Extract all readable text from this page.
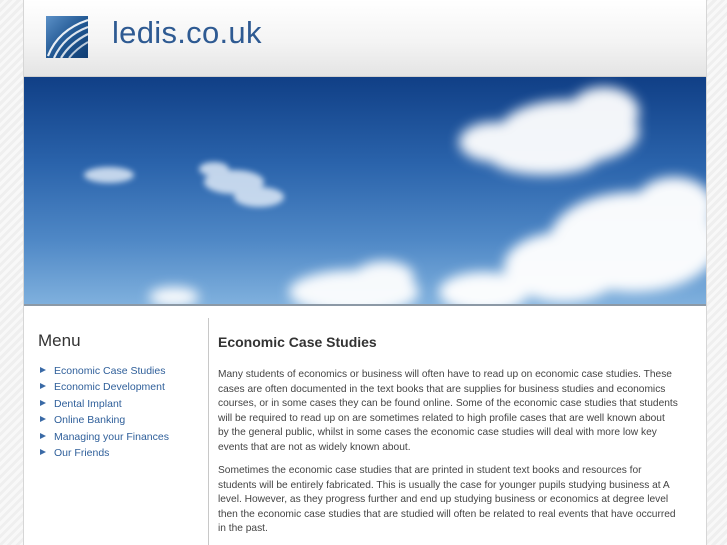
ledis.co.uk
Menu
Economic Case Studies
Economic Development
Dental Implant
Online Banking
Managing your Finances
Our Friends
Economic Case Studies

Many students of economics or business will often have to read up on economic case studies. These cases are often documented in the text books that are supplies for business studies and economics courses, or in some cases they can be found online. Some of the economic case studies that students will be required to read up on are sometimes related to high profile cases that are well known about by the general public, whilst in some cases the economic case studies will deal with more low key events that are not as widely known about.

Sometimes the economic case studies that are printed in student text books and resources for students will be entirely fabricated. This is usually the case for younger pupils studying business at A level. However, as they progress further and end up studying business or economics at degree level then the economic case studies that are studied will often be related to real events that have occurred in the past.
